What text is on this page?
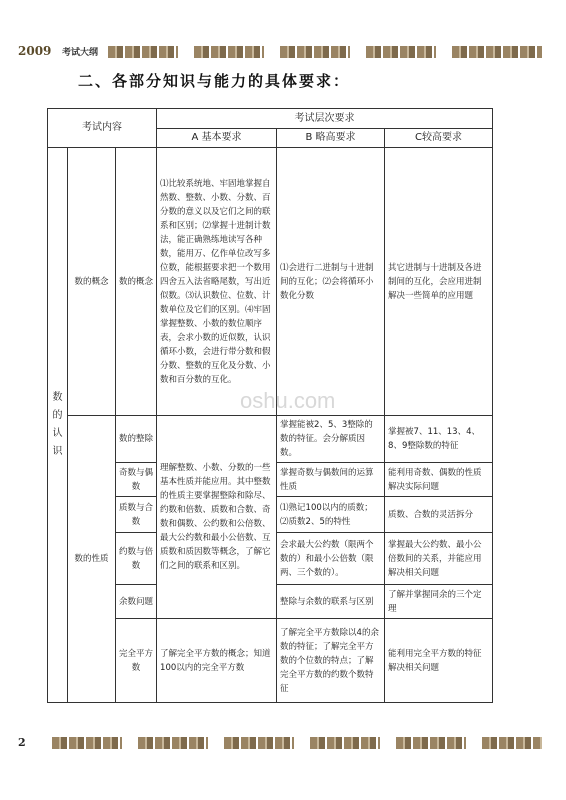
2009 考试大纲
二、各部分知识与能力的具体要求：
考试内容			考试层次要求		
			A 基本要求	B 略高要求	C较高要求
数的认识	数的概念	数的概念	⑴比较系统地、牢固地掌握自然数、整数、小数、分数、百分数的意义以及它们之间的联系和区别；⑵掌握十进制计数法，能正确熟练地读写各种数，能用万、亿作单位改写多位数，能根据要求把一个数用四舍五入法省略尾数，写出近似数。⑶认识数位、位数、计数单位及它们的区别。⑷牢固掌握整数、小数的数位顺序表，会求小数的近似数，认识循环小数，会进行带分数和假分数、整数的互化及分数、小数和百分数的互化。	⑴会进行二进制与十进制间的互化；⑵会将循环小数化分数	其它进制与十进制及各进制间的互化，会应用进制解决一些简单的应用题
	数的性质	数的整除	理解整数、小数、分数的一些基本性质并能应用。其中整数的性质主要掌握整除和除尽、约数和倍数、质数和合数、奇数和偶数、公约数和公倍数、最大公约数和最小公倍数、互质数和质因数等概念，了解它们之间的联系和区别。	掌握能被2、5、3整除的数的特征。会分解质因数。	掌握被7、11、13、4、8、9整除数的特征
		奇数与偶数		掌握奇数与偶数间的运算性质	能利用奇数、偶数的性质解决实际问题
		质数与合数		⑴熟记100以内的质数；⑵质数2、5的特性	质数、合数的灵活拆分
		约数与倍数		会求最大公约数（限两个数的）和最小公倍数（限两、三个数的）。	掌握最大公约数、最小公倍数间的关系，并能应用解决相关问题
		余数问题		整除与余数的联系与区别	了解并掌握同余的三个定理
		完全平方数	了解完全平方数的概念；知道100以内的完全平方数	了解完全平方数除以4的余数的特征；了解完全平方数的个位数的特点；了解完全平方数的约数个数特征	能利用完全平方数的特征解决相关问题
oshu.com
2
